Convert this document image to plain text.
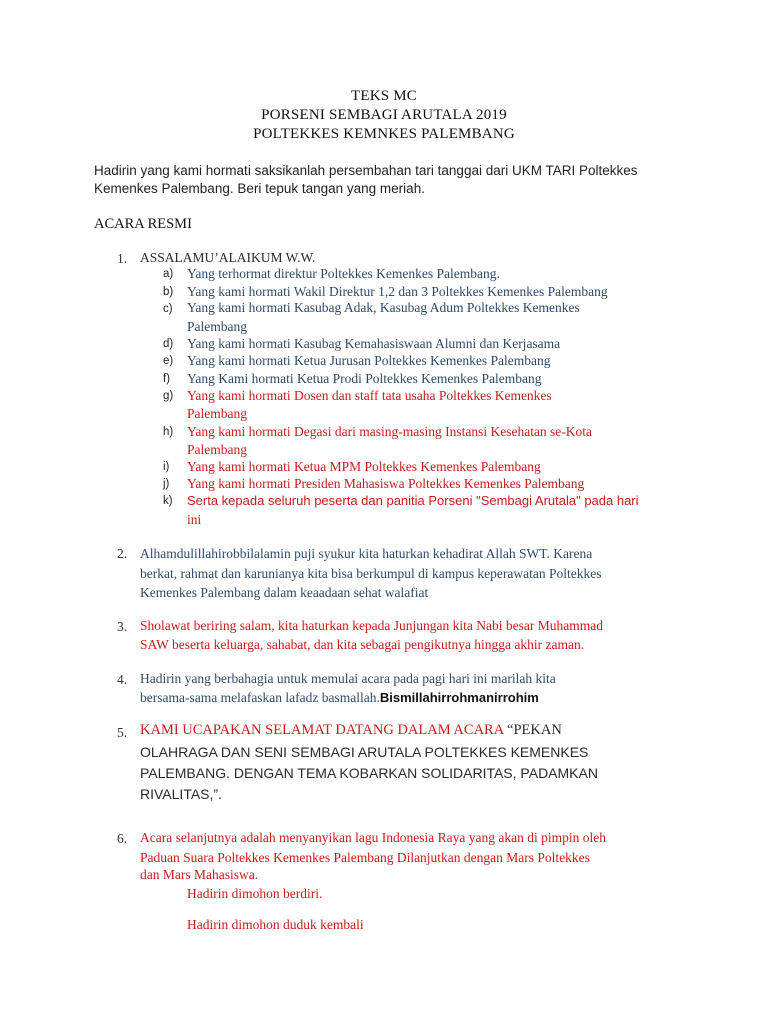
TEKS MC
PORSENI SEMBAGI ARUTALA 2019
POLTEKKES KEMNKES PALEMBANG
Hadirin yang kami hormati saksikanlah persembahan tari tanggai dari UKM TARI Poltekkes
Kemenkes Palembang. Beri tepuk tangan yang meriah.
ACARA RESMI
1. ASSALAMU’ALAIKUM W.W.
a) Yang terhormat direktur Poltekkes Kemenkes Palembang.
b) Yang kami hormati Wakil Direktur 1,2 dan 3 Poltekkes Kemenkes Palembang
c) Yang kami hormati Kasubag Adak, Kasubag Adum Poltekkes Kemenkes
Palembang
d) Yang kami hormati Kasubag Kemahasiswaan Alumni dan Kerjasama
e) Yang kami hormati Ketua Jurusan Poltekkes Kemenkes Palembang
f) Yang Kami hormati Ketua Prodi Poltekkes Kemenkes Palembang
g) Yang kami hormati Dosen dan staff tata usaha Poltekkes Kemenkes
Palembang
h) Yang kami hormati Degasi dari masing-masing Instansi Kesehatan se-Kota
Palembang
i) Yang kami hormati Ketua MPM Poltekkes Kemenkes Palembang
j) Yang kami hormati Presiden Mahasiswa Poltekkes Kemenkes Palembang
k) Serta kepada seluruh peserta dan panitia Porseni "Sembagi Arutala" pada hari
ini
2. Alhamdulillahirobbilalamin puji syukur kita haturkan kehadirat Allah SWT. Karena
berkat, rahmat dan karunianya kita bisa berkumpul di kampus keperawatan Poltekkes
Kemenkes Palembang dalam keaadaan sehat walafiat
3. Sholawat beriring salam, kita haturkan kepada Junjungan kita Nabi besar Muhammad
SAW beserta keluarga, sahabat, dan kita sebagai pengikutnya hingga akhir zaman.
4. Hadirin yang berbahagia untuk memulai acara pada pagi hari ini marilah kita
bersama-sama melafaskan lafadz basmallah.Bismillahirrohmanirrohim
5. KAMI UCAPAKAN SELAMAT DATANG DALAM ACARA “PEKAN
OLAHRAGA DAN SENI SEMBAGI ARUTALA POLTEKKES KEMENKES
PALEMBANG. DENGAN TEMA KOBARKAN SOLIDARITAS, PADAMKAN
RIVALITAS,”.
6. Acara selanjutnya adalah menyanyikan lagu Indonesia Raya yang akan di pimpin oleh
Paduan Suara Poltekkes Kemenkes Palembang Dilanjutkan dengan Mars Poltekkes
dan Mars Mahasiswa.
Hadirin dimohon berdiri.
Hadirin dimohon duduk kembali
